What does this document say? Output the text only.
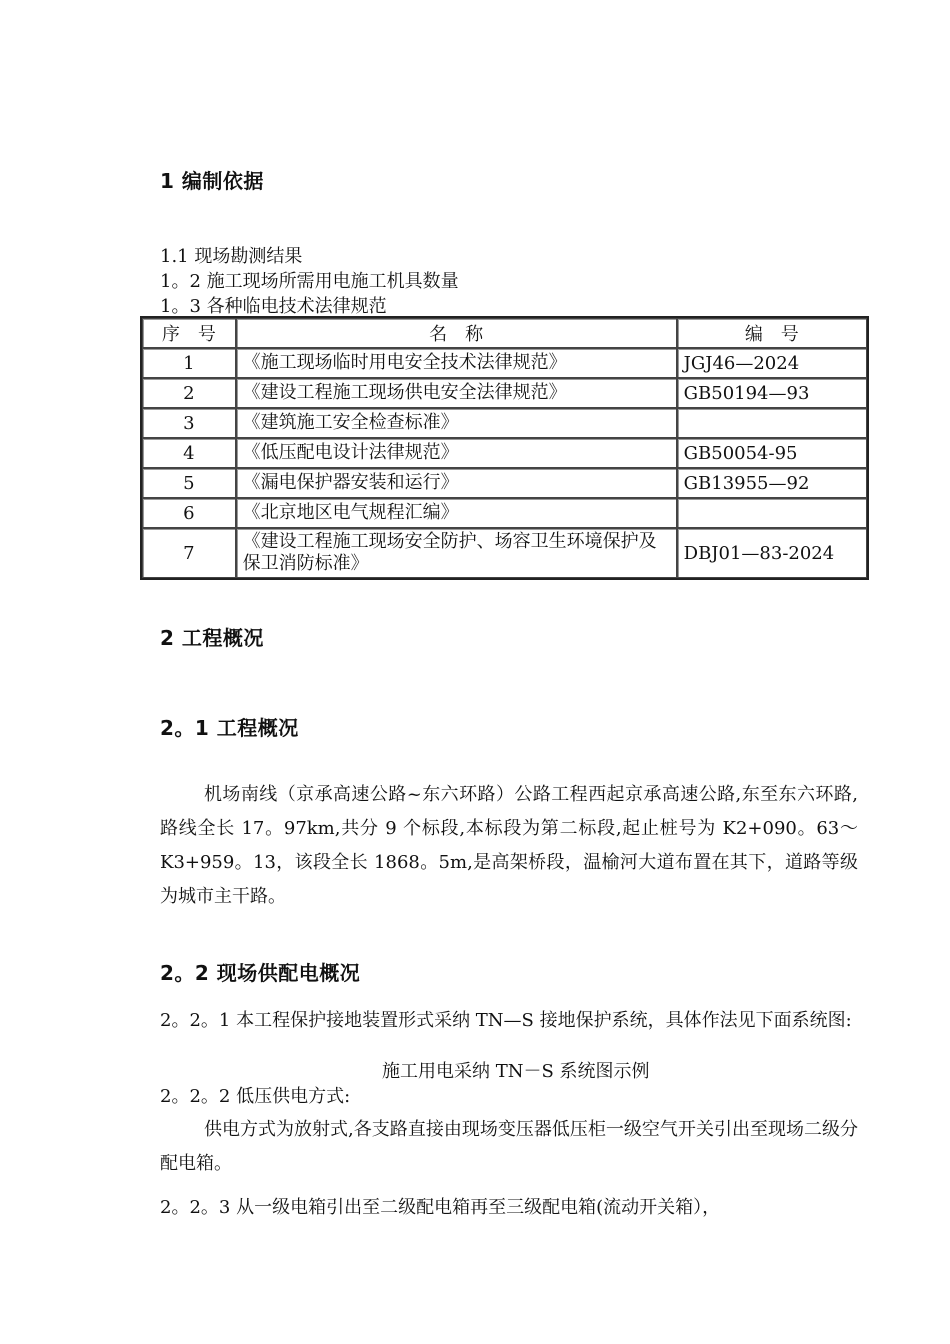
1 编制依据
1.1 现场勘测结果
1。2 施工现场所需用电施工机具数量
1。3 各种临电技术法律规范
序　号	名　称	编　号
1	《施工现场临时用电安全技术法律规范》	JGJ46—2024
2	《建设工程施工现场供电安全法律规范》	GB50194—93
3	《建筑施工安全检查标准》	
4	《低压配电设计法律规范》	GB50054-95
5	《漏电保护器安装和运行》	GB13955—92
6	《北京地区电气规程汇编》	
7	《建设工程施工现场安全防护、场容卫生环境保护及保卫消防标准》	DBJ01—83-2024
2 工程概况
2。1 工程概况
机场南线（京承高速公路~东六环路）公路工程西起京承高速公路,东至东六环路,路线全长 17。97km,共分 9 个标段,本标段为第二标段,起止桩号为 K2+090。63～K3+959。13，该段全长 1868。5m,是高架桥段，温榆河大道布置在其下，道路等级为城市主干路。
2。2 现场供配电概况
2。2。1 本工程保护接地装置形式采纳 TN—S 接地保护系统，具体作法见下面系统图:
施工用电采纳 TN－S 系统图示例
2。2。2 低压供电方式:
供电方式为放射式,各支路直接由现场变压器低压柜一级空气开关引出至现场二级分配电箱。
2。2。3 从一级电箱引出至二级配电箱再至三级配电箱(流动开关箱），
